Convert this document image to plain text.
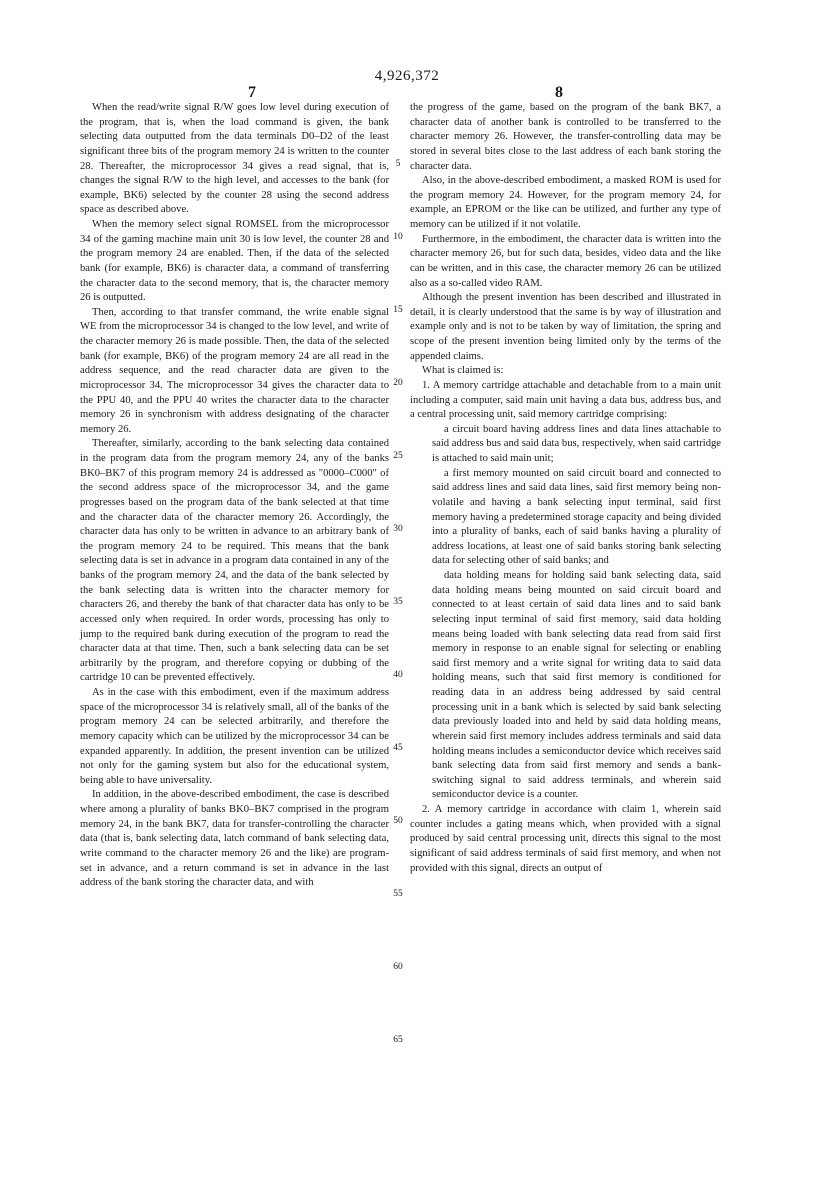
4,926,372
7	8

When the read/write signal R/W goes low level during execution of the program, that is, when the load command is given, the bank selecting data outputted from the data terminals D0–D2 of the least significant three bits of the program memory 24 is written to the counter 28. Thereafter, the microprocessor 34 gives a read signal, that is, changes the signal R/W to the high level, and accesses to the bank (for example, BK6) selected by the counter 28 using the second address space as described above.

When the memory select signal ROMSEL from the microprocessor 34 of the gaming machine main unit 30 is low level, the counter 28 and the program memory 24 are enabled. Then, if the data of the selected bank (for example, BK6) is character data, a command of transferring the character data to the second memory, that is, the character memory 26 is outputted.

Then, according to that transfer command, the write enable signal WE from the microprocessor 34 is changed to the low level, and write of the character memory 26 is made possible. Then, the data of the selected bank (for example, BK6) of the program memory 24 are all read in the address sequence, and the read character data are given to the microprocessor 34. The microprocessor 34 gives the character data to the PPU 40, and the PPU 40 writes the character data to the character memory 26 in synchronism with address designating of the character memory 26.

Thereafter, similarly, according to the bank selecting data contained in the program data from the program memory 24, any of the banks BK0–BK7 of this program memory 24 is addressed as "0000–C000" of the second address space of the microprocessor 34, and the game progresses based on the program data of the bank selected at that time and the character data of the character memory 26. Accordingly, the character data has only to be written in advance to an arbitrary bank of the program memory 24 to be required. This means that the bank selecting data is set in advance in a program data contained in any of the banks of the program memory 24, and the data of the bank selected by the bank selecting data is written into the character memory for characters 26, and thereby the bank of that character data has only to be accessed only when required. In order words, processing has only to jump to the required bank during execution of the program to read the character data at that time. Then, such a bank selecting data can be set arbitrarily by the program, and therefore copying or dubbing of the cartridge 10 can be prevented effectively.

As in the case with this embodiment, even if the maximum address space of the microprocessor 34 is relatively small, all of the banks of the program memory 24 can be selected arbitrarily, and therefore the memory capacity which can be utilized by the microprocessor 34 can be expanded apparently. In addition, the present invention can be utilized not only for the gaming system but also for the educational system, being able to have universality.

In addition, in the above-described embodiment, the case is described where among a plurality of banks BK0–BK7 comprised in the program memory 24, in the bank BK7, data for transfer-controlling the character data (that is, bank selecting data, latch command of bank selecting data, write command to the character memory 26 and the like) are program-set in advance, and a return command is set in advance in the last address of the bank storing the character data, and with

5
10
15
20
25
30
35
40
45
50
55
60
65

the progress of the game, based on the program of the bank BK7, a character data of another bank is controlled to be transferred to the character memory 26. However, the transfer-controlling data may be stored in several bites close to the last address of each bank storing the character data.

Also, in the above-described embodiment, a masked ROM is used for the program memory 24. However, for the program memory 24, for example, an EPROM or the like can be utilized, and further any type of memory can be utilized if it not volatile.

Furthermore, in the embodiment, the character data is written into the character memory 26, but for such data, besides, video data and the like can be written, and in this case, the character memory 26 can be utilized also as a so-called video RAM.

Although the present invention has been described and illustrated in detail, it is clearly understood that the same is by way of illustration and example only and is not to be taken by way of limitation, the spring and scope of the present invention being limited only by the terms of the appended claims.

What is claimed is:

1. A memory cartridge attachable and detachable from to a main unit including a computer, said main unit having a data bus, address bus, and a central processing unit, said memory cartridge comprising:

a circuit board having address lines and data lines attachable to said address bus and said data bus, respectively, when said cartridge is attached to said main unit;

a first memory mounted on said circuit board and connected to said address lines and said data lines, said first memory being non-volatile and having a bank selecting input terminal, said first memory having a predetermined storage capacity and being divided into a plurality of banks, each of said banks having a plurality of address locations, at least one of said banks storing bank selecting data for selecting other of said banks; and

data holding means for holding said bank selecting data, said data holding means being mounted on said circuit board and connected to at least certain of said data lines and to said bank selecting input terminal of said first memory, said data holding means being loaded with bank selecting data read from said first memory in response to an enable signal for selecting or enabling said first memory and a write signal for writing data to said data holding means, such that said first memory is conditioned for reading data in an address being addressed by said central processing unit in a bank which is selected by said bank selecting data previously loaded into and held by said data holding means, wherein said first memory includes address terminals and said data holding means includes a semiconductor device which receives said bank selecting data from said first memory and sends a bank-switching signal to said address terminals, and wherein said semiconductor device is a counter.

2. A memory cartridge in accordance with claim 1, wherein said counter includes a gating means which, when provided with a signal produced by said central processing unit, directs this signal to the most significant of said address terminals of said first memory, and when not provided with this signal, directs an output of
